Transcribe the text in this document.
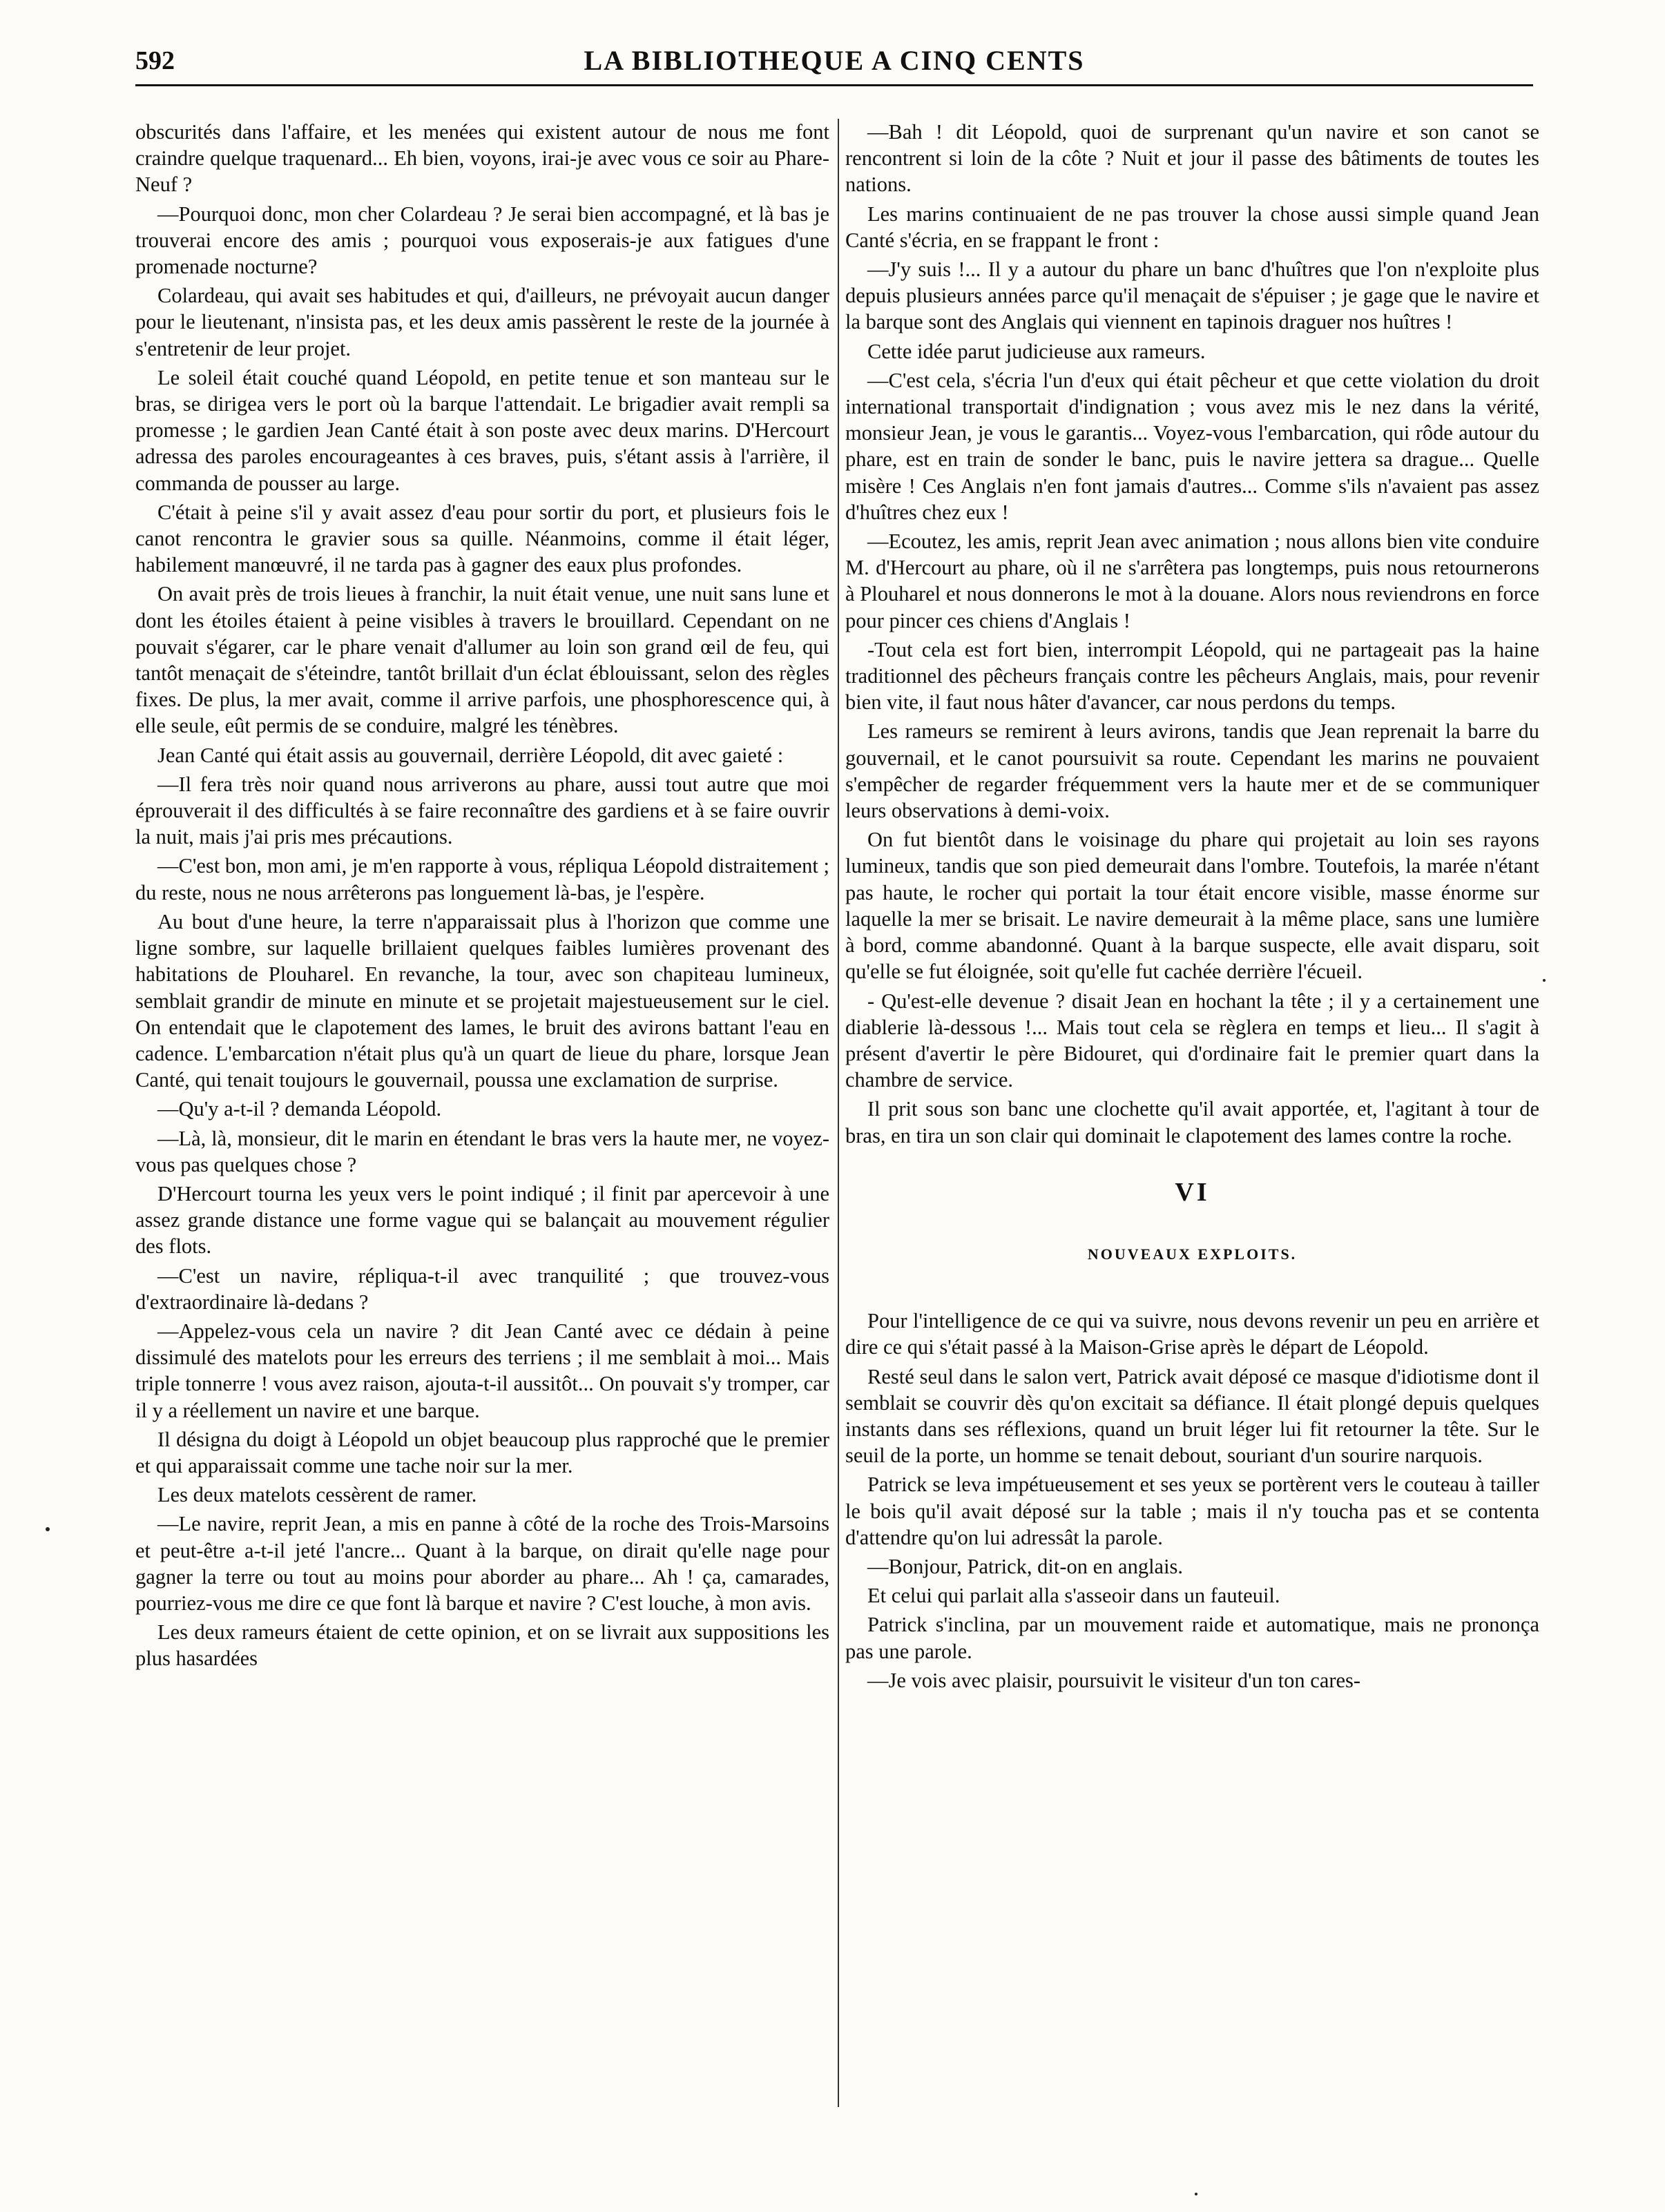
592	LA BIBLIOTHEQUE A CINQ CENTS

obscurités dans l'affaire, et les menées qui existent autour de nous me font craindre quelque traquenard... Eh bien, voyons, irai-je avec vous ce soir au Phare-Neuf ?

—Pourquoi donc, mon cher Colardeau ? Je serai bien accompagné, et là bas je trouverai encore des amis ; pourquoi vous exposerais-je aux fatigues d'une promenade nocturne?

Colardeau, qui avait ses habitudes et qui, d'ailleurs, ne prévoyait aucun danger pour le lieutenant, n'insista pas, et les deux amis passèrent le reste de la journée à s'entretenir de leur projet.

Le soleil était couché quand Léopold, en petite tenue et son manteau sur le bras, se dirigea vers le port où la barque l'attendait. Le brigadier avait rempli sa promesse ; le gardien Jean Canté était à son poste avec deux marins. D'Hercourt adressa des paroles encourageantes à ces braves, puis, s'étant assis à l'arrière, il commanda de pousser au large.

C'était à peine s'il y avait assez d'eau pour sortir du port, et plusieurs fois le canot rencontra le gravier sous sa quille. Néanmoins, comme il était léger, habilement manœuvré, il ne tarda pas à gagner des eaux plus profondes.

On avait près de trois lieues à franchir, la nuit était venue, une nuit sans lune et dont les étoiles étaient à peine visibles à travers le brouillard. Cependant on ne pouvait s'égarer, car le phare venait d'allumer au loin son grand œil de feu, qui tantôt menaçait de s'éteindre, tantôt brillait d'un éclat éblouissant, selon des règles fixes. De plus, la mer avait, comme il arrive parfois, une phosphorescence qui, à elle seule, eût permis de se conduire, malgré les ténèbres.

Jean Canté qui était assis au gouvernail, derrière Léopold, dit avec gaieté :

—Il fera très noir quand nous arriverons au phare, aussi tout autre que moi éprouverait il des difficultés à se faire reconnaître des gardiens et à se faire ouvrir la nuit, mais j'ai pris mes précautions.

—C'est bon, mon ami, je m'en rapporte à vous, répliqua Léopold distraitement ; du reste, nous ne nous arrêterons pas longuement là-bas, je l'espère.

Au bout d'une heure, la terre n'apparaissait plus à l'horizon que comme une ligne sombre, sur laquelle brillaient quelques faibles lumières provenant des habitations de Plouharel. En revanche, la tour, avec son chapiteau lumineux, semblait grandir de minute en minute et se projetait majestueusement sur le ciel. On entendait que le clapotement des lames, le bruit des avirons battant l'eau en cadence. L'embarcation n'était plus qu'à un quart de lieue du phare, lorsque Jean Canté, qui tenait toujours le gouvernail, poussa une exclamation de surprise.

—Qu'y a-t-il ? demanda Léopold.

—Là, là, monsieur, dit le marin en étendant le bras vers la haute mer, ne voyez-vous pas quelques chose ?

D'Hercourt tourna les yeux vers le point indiqué ; il finit par apercevoir à une assez grande distance une forme vague qui se balançait au mouvement régulier des flots.

—C'est un navire, répliqua-t-il avec tranquilité ; que trouvez-vous d'extraordinaire là-dedans ?

—Appelez-vous cela un navire ? dit Jean Canté avec ce dédain à peine dissimulé des matelots pour les erreurs des terriens ; il me semblait à moi... Mais triple tonnerre ! vous avez raison, ajouta-t-il aussitôt... On pouvait s'y tromper, car il y a réellement un navire et une barque.

Il désigna du doigt à Léopold un objet beaucoup plus rapproché que le premier et qui apparaissait comme une tache noir sur la mer.

Les deux matelots cessèrent de ramer.

—Le navire, reprit Jean, a mis en panne à côté de la roche des Trois-Marsoins et peut-être a-t-il jeté l'ancre... Quant à la barque, on dirait qu'elle nage pour gagner la terre ou tout au moins pour aborder au phare... Ah ! ça, camarades, pourriez-vous me dire ce que font là barque et navire ? C'est louche, à mon avis.

Les deux rameurs étaient de cette opinion, et on se livrait aux suppositions les plus hasardées

—Bah ! dit Léopold, quoi de surprenant qu'un navire et son canot se rencontrent si loin de la côte ? Nuit et jour il passe des bâtiments de toutes les nations.

Les marins continuaient de ne pas trouver la chose aussi simple quand Jean Canté s'écria, en se frappant le front :

—J'y suis !... Il y a autour du phare un banc d'huîtres que l'on n'exploite plus depuis plusieurs années parce qu'il menaçait de s'épuiser ; je gage que le navire et la barque sont des Anglais qui viennent en tapinois draguer nos huîtres !

Cette idée parut judicieuse aux rameurs.

—C'est cela, s'écria l'un d'eux qui était pêcheur et que cette violation du droit international transportait d'indignation ; vous avez mis le nez dans la vérité, monsieur Jean, je vous le garantis... Voyez-vous l'embarcation, qui rôde autour du phare, est en train de sonder le banc, puis le navire jettera sa drague... Quelle misère ! Ces Anglais n'en font jamais d'autres... Comme s'ils n'avaient pas assez d'huîtres chez eux !

—Ecoutez, les amis, reprit Jean avec animation ; nous allons bien vite conduire M. d'Hercourt au phare, où il ne s'arrêtera pas longtemps, puis nous retournerons à Plouharel et nous donnerons le mot à la douane. Alors nous reviendrons en force pour pincer ces chiens d'Anglais !

-Tout cela est fort bien, interrompit Léopold, qui ne partageait pas la haine traditionnel des pêcheurs français contre les pêcheurs Anglais, mais, pour revenir bien vite, il faut nous hâter d'avancer, car nous perdons du temps.

Les rameurs se remirent à leurs avirons, tandis que Jean reprenait la barre du gouvernail, et le canot poursuivit sa route. Cependant les marins ne pouvaient s'empêcher de regarder fréquemment vers la haute mer et de se communiquer leurs observations à demi-voix.

On fut bientôt dans le voisinage du phare qui projetait au loin ses rayons lumineux, tandis que son pied demeurait dans l'ombre. Toutefois, la marée n'étant pas haute, le rocher qui portait la tour était encore visible, masse énorme sur laquelle la mer se brisait. Le navire demeurait à la même place, sans une lumière à bord, comme abandonné. Quant à la barque suspecte, elle avait disparu, soit qu'elle se fut éloignée, soit qu'elle fut cachée derrière l'écueil.

- Qu'est-elle devenue ? disait Jean en hochant la tête ; il y a certainement une diablerie là-dessous !... Mais tout cela se règlera en temps et lieu... Il s'agit à présent d'avertir le père Bidouret, qui d'ordinaire fait le premier quart dans la chambre de service.

Il prit sous son banc une clochette qu'il avait apportée, et, l'agitant à tour de bras, en tira un son clair qui dominait le clapotement des lames contre la roche.

VI
NOUVEAUX EXPLOITS.

Pour l'intelligence de ce qui va suivre, nous devons revenir un peu en arrière et dire ce qui s'était passé à la Maison-Grise après le départ de Léopold.

Resté seul dans le salon vert, Patrick avait déposé ce masque d'idiotisme dont il semblait se couvrir dès qu'on excitait sa défiance. Il était plongé depuis quelques instants dans ses réflexions, quand un bruit léger lui fit retourner la tête. Sur le seuil de la porte, un homme se tenait debout, souriant d'un sourire narquois.

Patrick se leva impétueusement et ses yeux se portèrent vers le couteau à tailler le bois qu'il avait déposé sur la table ; mais il n'y toucha pas et se contenta d'attendre qu'on lui adressât la parole.

—Bonjour, Patrick, dit-on en anglais.

Et celui qui parlait alla s'asseoir dans un fauteuil.

Patrick s'inclina, par un mouvement raide et automatique, mais ne prononça pas une parole.

—Je vois avec plaisir, poursuivit le visiteur d'un ton cares-
